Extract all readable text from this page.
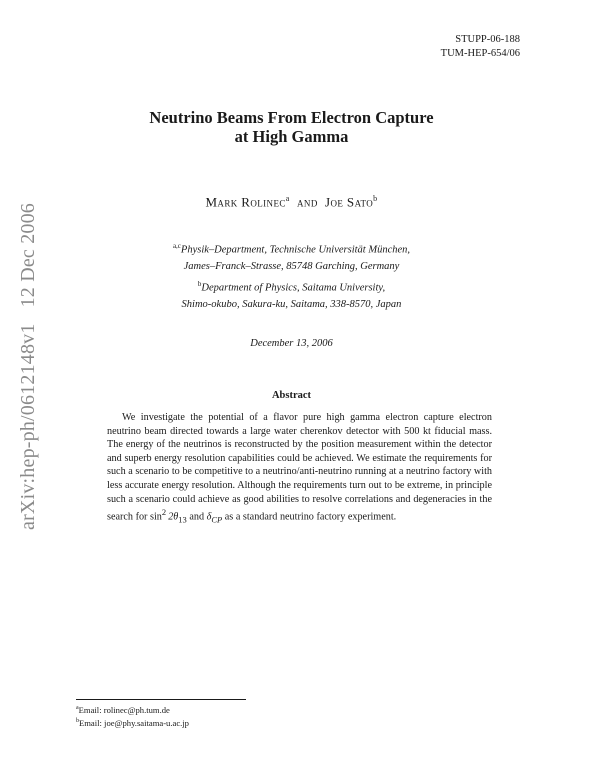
STUPP-06-188
TUM-HEP-654/06
arXiv:hep-ph/0612148v1
12 Dec 2006
Neutrino Beams From Electron Capture
at High Gamma
Mark Rolinec$^a$ and Joe Sato$^b$
$^{a,c}$Physik–Department, Technische Universität München,
James–Franck–Strasse, 85748 Garching, Germany
$^b$Department of Physics, Saitama University,
Shimo-okubo, Sakura-ku, Saitama, 338-8570, Japan
December 13, 2006
Abstract

We investigate the potential of a flavor pure high gamma electron capture electron neutrino beam directed towards a large water cherenkov detector with 500 kt fiducial mass. The energy of the neutrinos is reconstructed by the position measurement within the detector and superb energy resolution capabilities could be achieved. We estimate the requirements for such a scenario to be competitive to a neutrino/anti-neutrino running at a neutrino factory with less accurate energy resolution. Although the requirements turn out to be extreme, in principle such a scenario could achieve as good abilities to resolve correlations and degeneracies in the search for $\sin^2 2\theta_{13}$ and $\delta_{CP}$ as a standard neutrino factory experiment.

$^a$Email: rolinec@ph.tum.de
$^b$Email: joe@phy.saitama-u.ac.jp
